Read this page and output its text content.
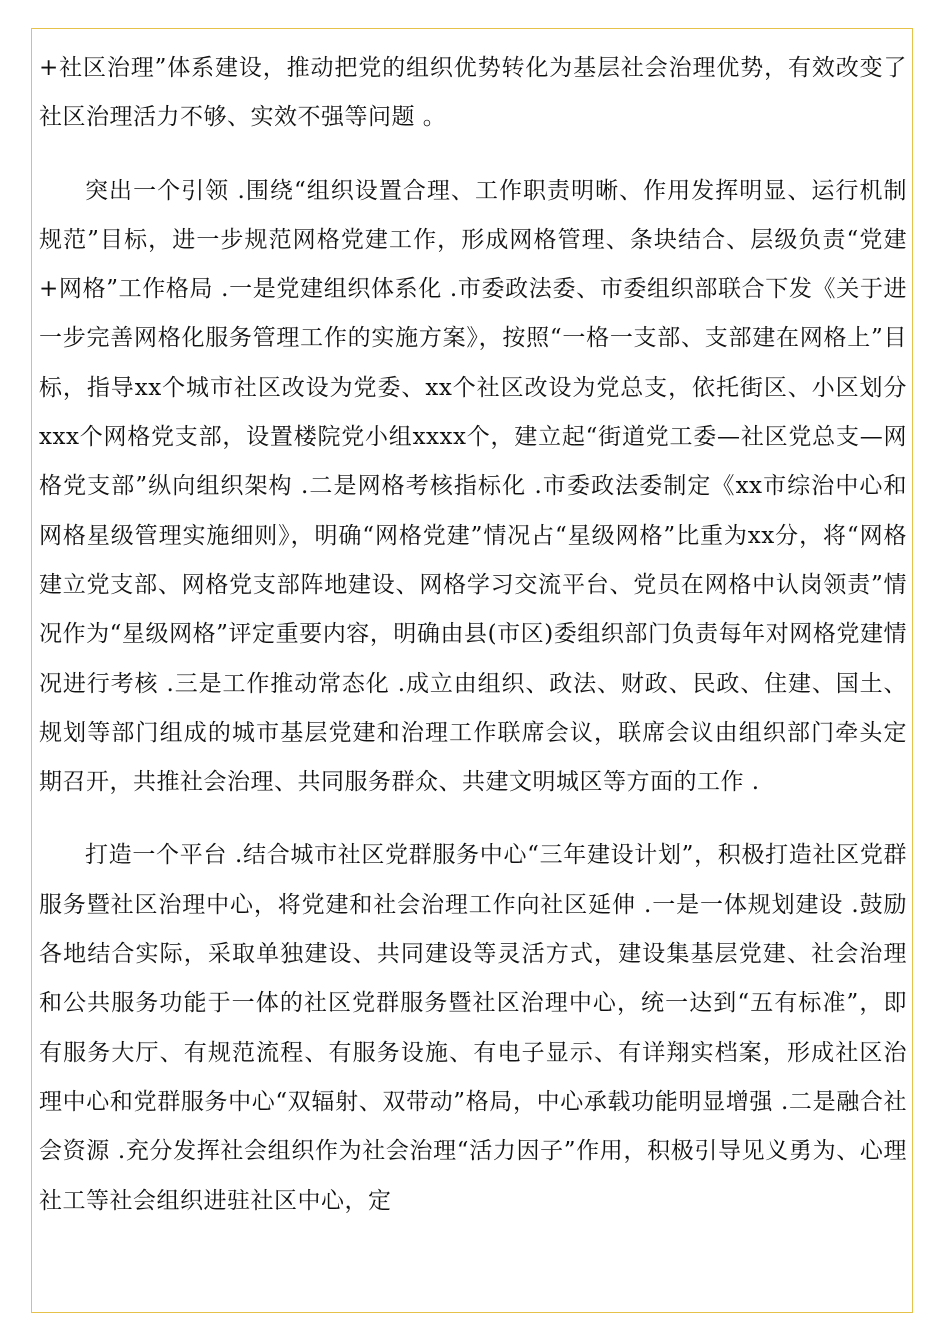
+社区治理”体系建设，推动把党的组织优势转化为基层社会治理优势，有效改变了社区治理活力不够、实效不强等问题 。

突出一个引领 .围绕“组织设置合理、工作职责明晰、作用发挥明显、运行机制规范”目标，进一步规范网格党建工作，形成网格管理、条块结合、层级负责“党建+网格”工作格局 .一是党建组织体系化 .市委政法委、市委组织部联合下发《关于进一步完善网格化服务管理工作的实施方案》，按照“一格一支部、支部建在网格上”目标，指导xx个城市社区改设为党委、xx个社区改设为党总支，依托街区、小区划分xxx个网格党支部，设置楼院党小组xxxx个，建立起“街道党工委—社区党总支—网格党支部”纵向组织架构 .二是网格考核指标化 .市委政法委制定《xx市综治中心和网格星级管理实施细则》，明确“网格党建”情况占“星级网格”比重为xx分，将“网格建立党支部、网格党支部阵地建设、网格学习交流平台、党员在网格中认岗领责”情况作为“星级网格”评定重要内容，明确由县(市区)委组织部门负责每年对网格党建情况进行考核 .三是工作推动常态化 .成立由组织、政法、财政、民政、住建、国土、规划等部门组成的城市基层党建和治理工作联席会议，联席会议由组织部门牵头定期召开，共推社会治理、共同服务群众、共建文明城区等方面的工作 .

打造一个平台 .结合城市社区党群服务中心“三年建设计划”，积极打造社区党群服务暨社区治理中心，将党建和社会治理工作向社区延伸 .一是一体规划建设 .鼓励各地结合实际，采取单独建设、共同建设等灵活方式，建设集基层党建、社会治理和公共服务功能于一体的社区党群服务暨社区治理中心，统一达到“五有标准”，即有服务大厅、有规范流程、有服务设施、有电子显示、有详翔实档案，形成社区治理中心和党群服务中心“双辐射、双带动”格局，中心承载功能明显增强 .二是融合社会资源 .充分发挥社会组织作为社会治理“活力因子”作用，积极引导见义勇为、心理社工等社会组织进驻社区中心，定
